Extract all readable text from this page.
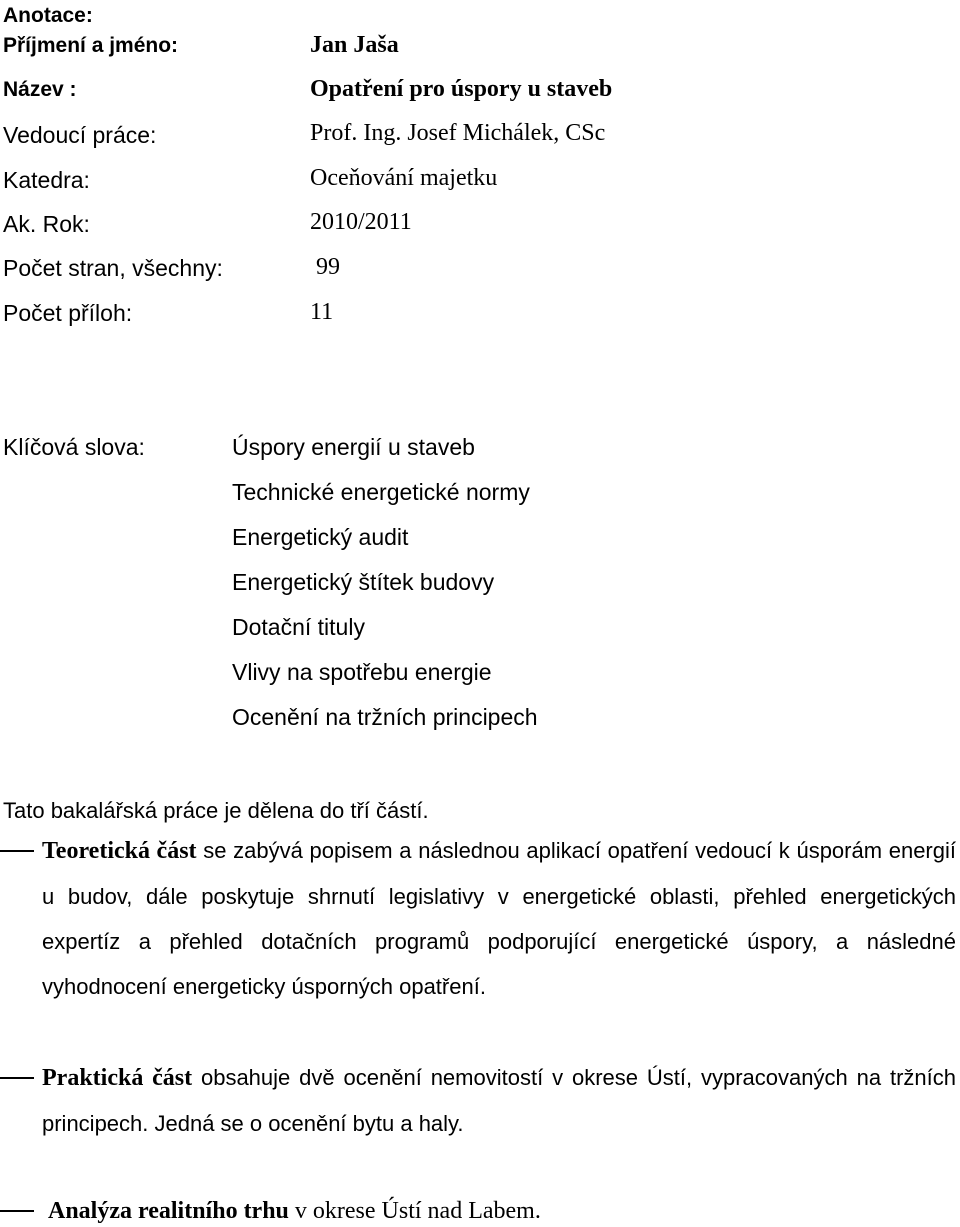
Anotace:
Příjmení a jméno:	Jan Jaša
Název :	Opatření pro úspory u staveb
Vedoucí práce:	Prof. Ing. Josef Michálek, CSc
Katedra:	Oceňování majetku
Ak. Rok:	2010/2011
Počet stran, všechny:	99
Počet příloh:	11
Klíčová slova:	Úspory energií u staveb
Technické energetické normy
Energetický audit
Energetický štítek budovy
Dotační tituly
Vlivy na spotřebu energie
Ocenění na tržních principech
Tato bakalářská práce je dělena do tří částí.
Teoretická část se zabývá popisem a následnou aplikací opatření vedoucí k úsporám energií u budov, dále poskytuje shrnutí legislativy v energetické oblasti, přehled energetických expertíz a přehled dotačních programů podporující energetické úspory, a následné vyhodnocení energeticky úsporných opatření.
Praktická část obsahuje dvě ocenění nemovitostí v okrese Ústí, vypracovaných na tržních principech. Jedná se o ocenění bytu a haly.
Analýza realitního trhu v okrese Ústí nad Labem.
